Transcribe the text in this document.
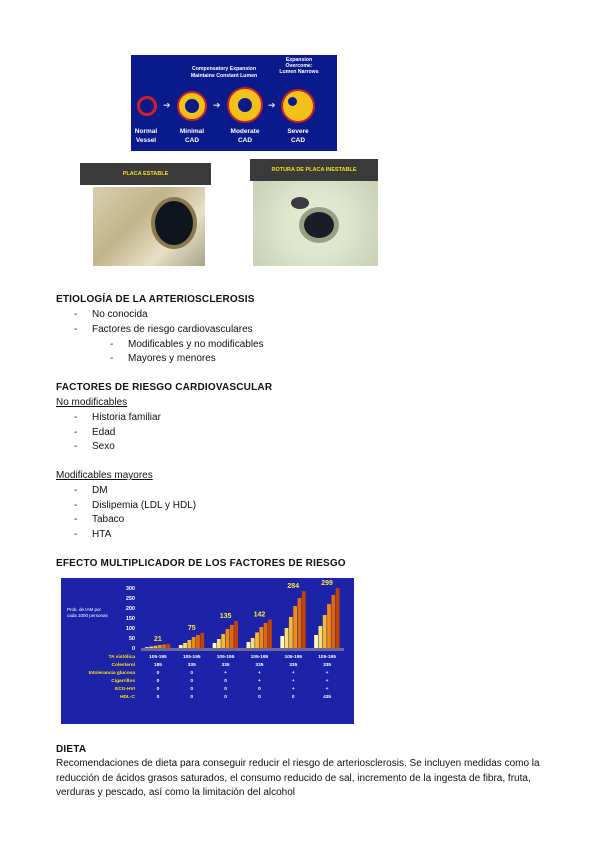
Compensatory Expansion
Maintains Constant Lumen
Expansion Overcome: Lumen Narrows
➔	➔	➔
Normal
Vessel
Minimal
CAD
Moderate
CAD
Severe
CAD
PLACA ESTABLE
ROTURA DE PLACA INESTABLE
ETIOLOGÍA DE LA ARTERIOSCLEROSIS
- No conocida
- Factores de riesgo cardiovasculares
- Modificables y no modificables
- Mayores y menores
FACTORES DE RIESGO CARDIOVASCULAR
No modificables
- Historia familiar
- Edad
- Sexo
Modificables mayores
- DM
- Dislipemia (LDL y HDL)
- Tabaco
- HTA
EFECTO MULTIPLICADOR DE LOS FACTORES DE RIESGO
300
250
200
150
100
50
0
Prob. de IAM por
cada 1000 personas
21
75
135	142
284	299
TA sistólica	105-195	105-195	105-195	105-195	105-195	105-195
Colesterol	185	335	335	335	335	335
Intolerancia glucosa	0	0	+	+	+	+
Cigarrillos	0	0	0	+	+	+
ECG-HVI	0	0	0	0	+	+
HDL-C	0	0	0	0	0	435
DIETA
Recomendaciones de dieta para conseguir reducir el riesgo de arteriosclerosis. Se incluyen medidas como la reducción de ácidos grasos saturados, el consumo reducido de sal, incremento de la ingesta de fibra, fruta, verduras y pescado, así como la limitación del alcohol
